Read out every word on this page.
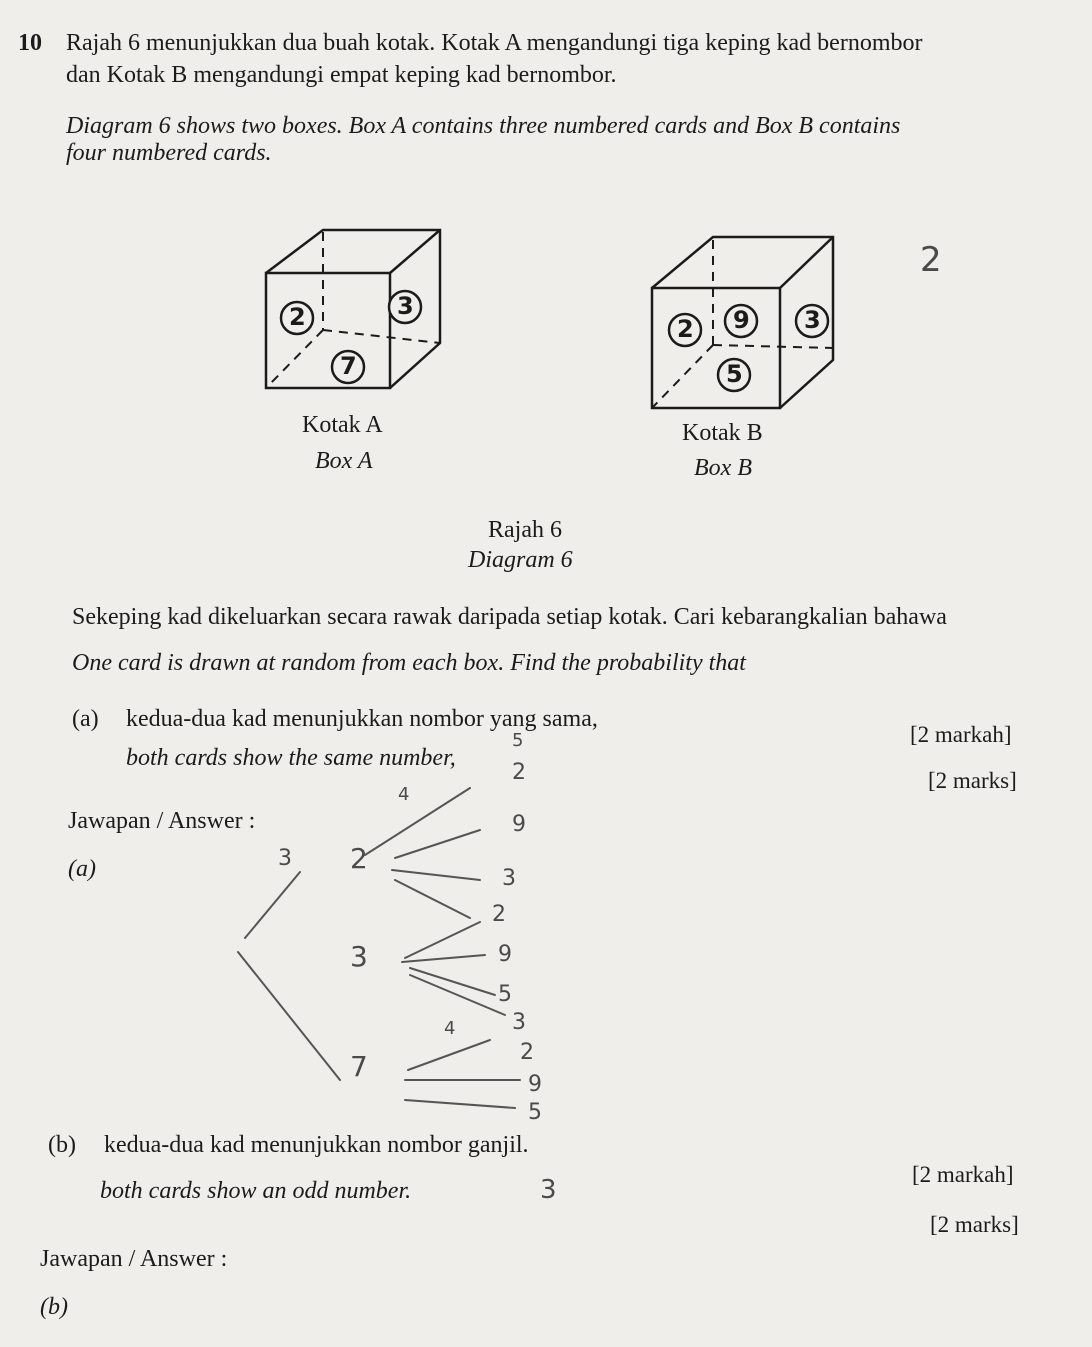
10 Rajah 6 menunjukkan dua buah kotak. Kotak A mengandungi tiga keping kad bernombor
dan Kotak B mengandungi empat keping kad bernombor.
Diagram 6 shows two boxes. Box A contains three numbered cards and Box B contains
four numbered cards.
2	3
7
2 9 3
5
Kotak A
Box A
Kotak B
Box B
Rajah 6
Diagram 6
Sekeping kad dikeluarkan secara rawak daripada setiap kotak. Cari kebarangkalian bahawa
One card is drawn at random from each box. Find the probability that
(a) kedua-dua kad menunjukkan nombor yang sama,
both cards show the same number,
[2 markah]
[2 marks]
Jawapan / Answer :
(a)
2
2
3
7
2
9
3
2
9
5
3
2
9
5
5
4
3
4
3
(b) kedua-dua kad menunjukkan nombor ganjil.
both cards show an odd number.
[2 markah]
[2 marks]
Jawapan / Answer :
(b)
